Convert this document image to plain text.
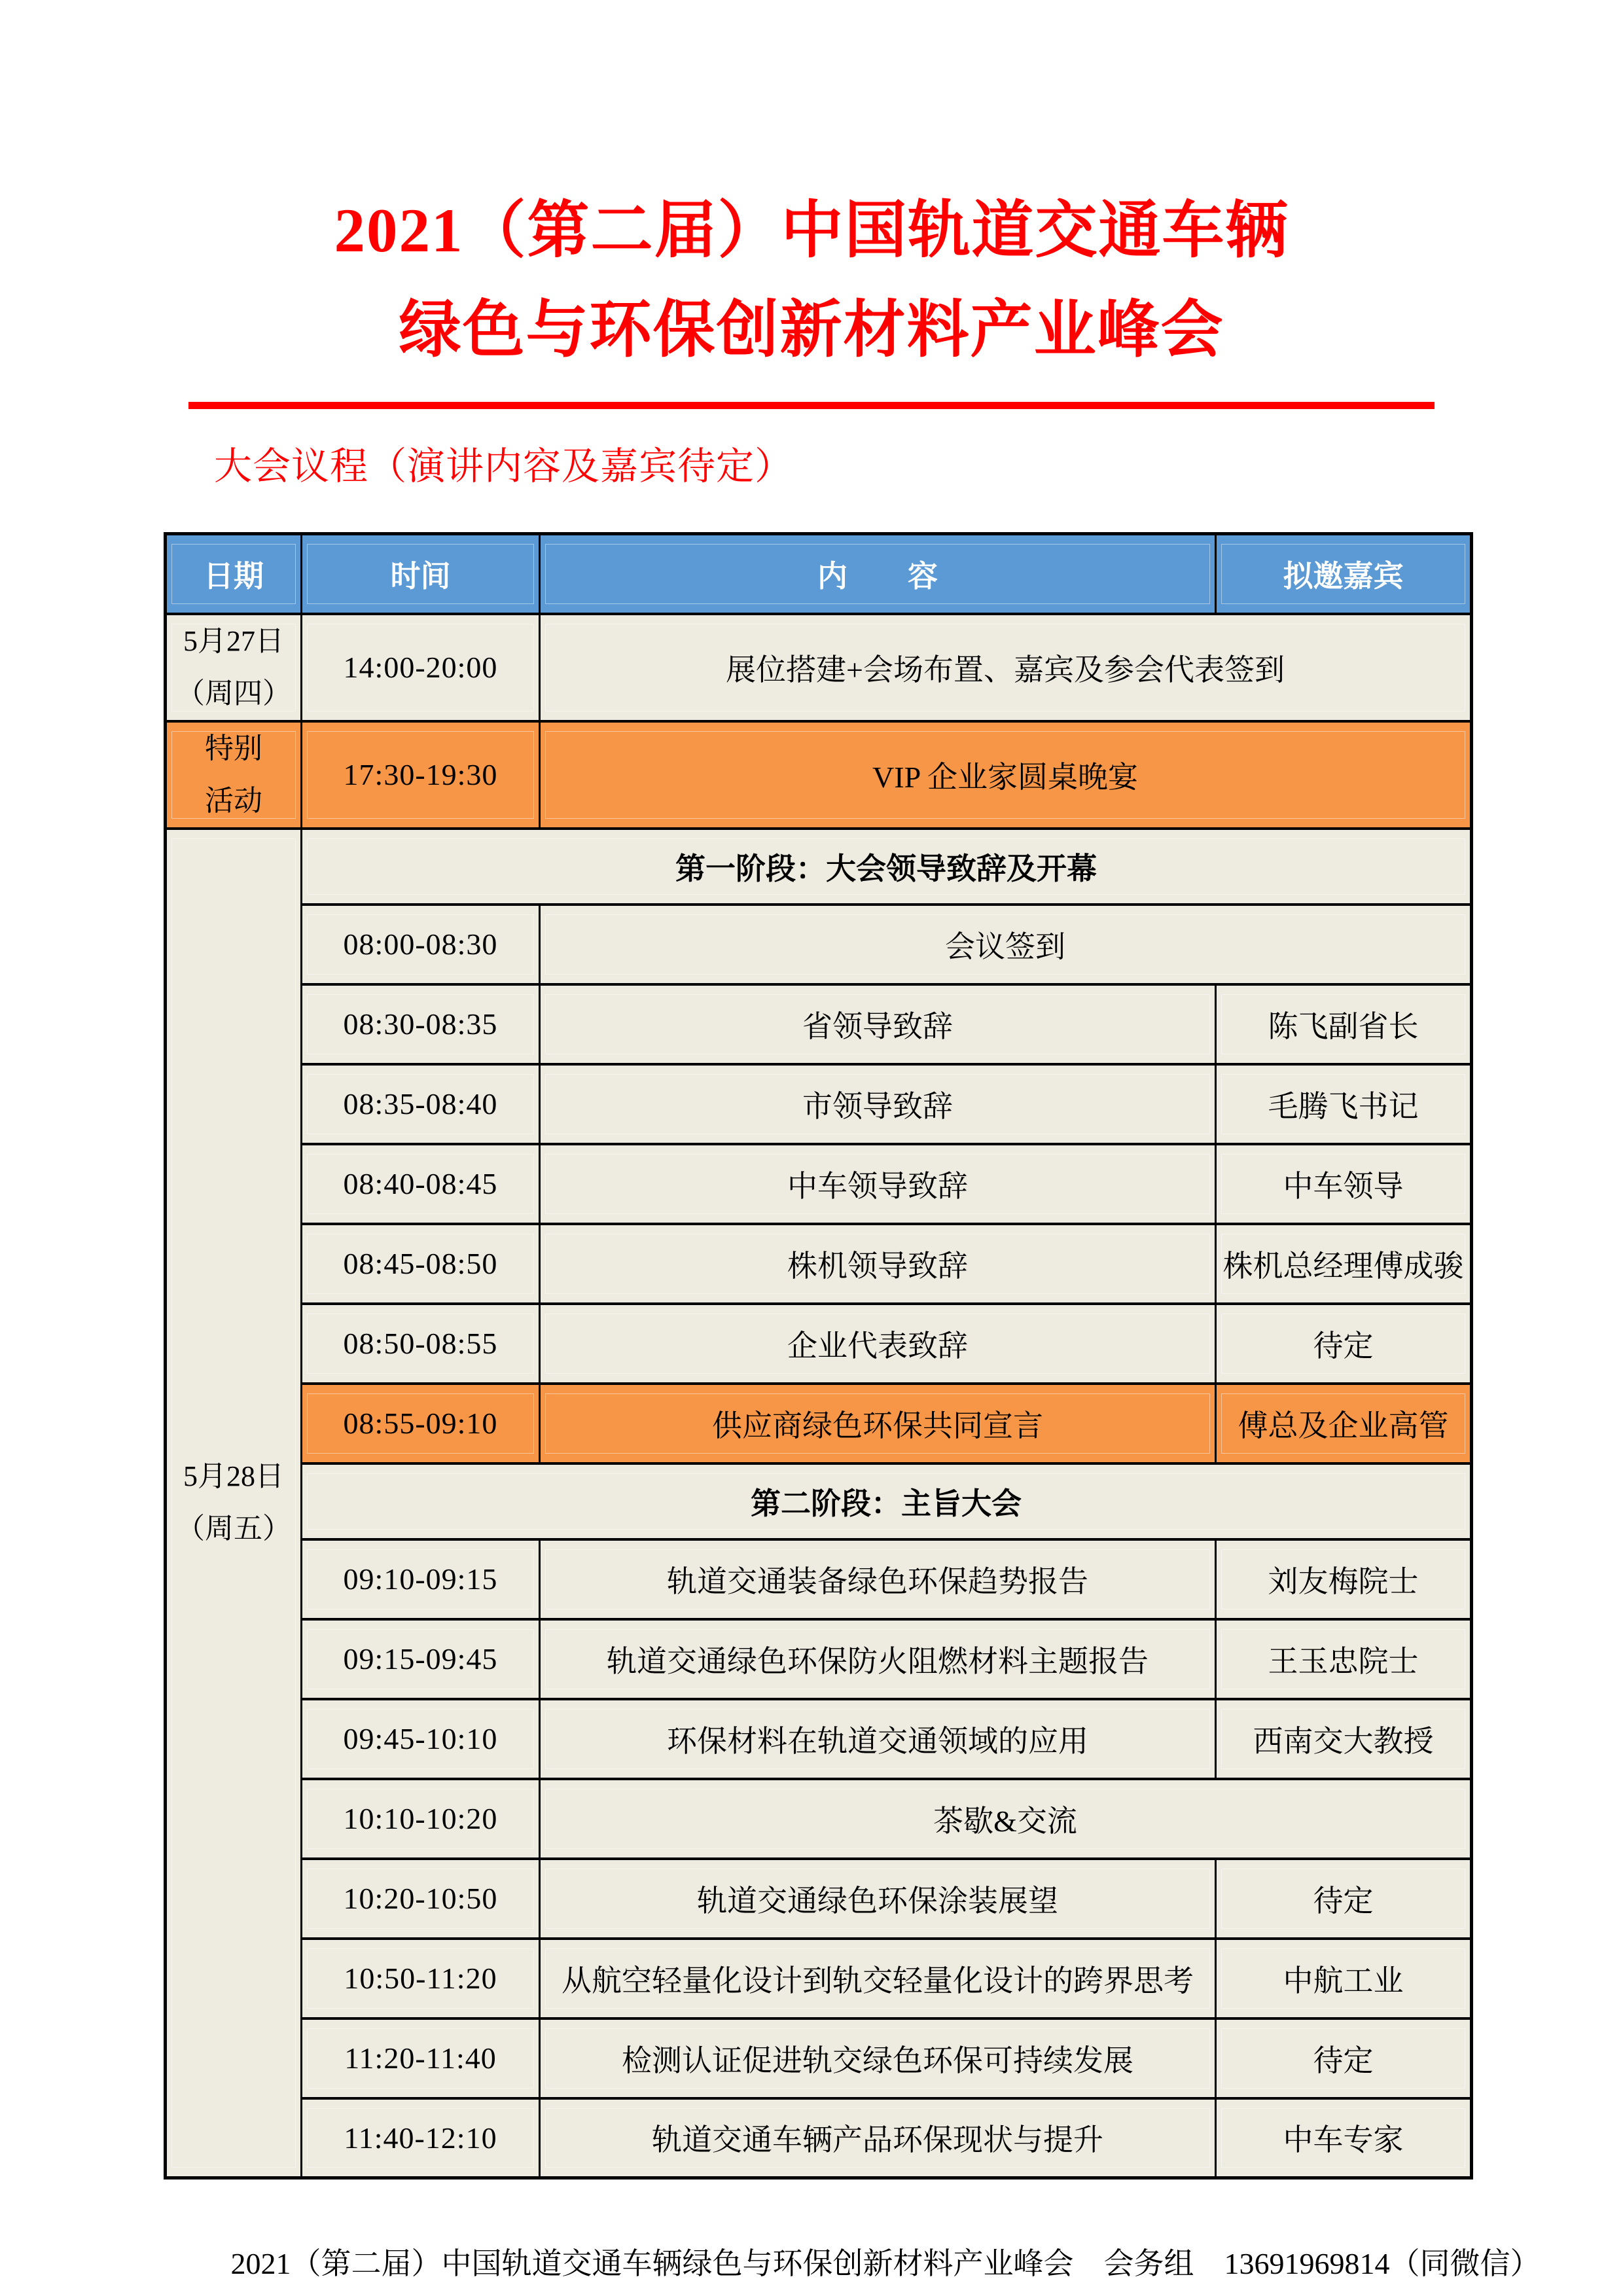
2021（第二届）中国轨道交通车辆
绿色与环保创新材料产业峰会
大会议程（演讲内容及嘉宾待定）
日期	时间	内　　容	拟邀嘉宾

5月27日
（周四）	14:00-20:00	展位搭建+会场布置、嘉宾及参会代表签到	

特别
活动	17:30-19:30	VIP 企业家圆桌晚宴	

5月28日
（周五）	第一阶段：大会领导致辞及开幕		
	08:00-08:30	会议签到	
	08:30-08:35	省领导致辞	陈飞副省长
	08:35-08:40	市领导致辞	毛腾飞书记
	08:40-08:45	中车领导致辞	中车领导
	08:45-08:50	株机领导致辞	株机总经理傅成骏
	08:50-08:55	企业代表致辞	待定
	08:55-09:10	供应商绿色环保共同宣言	傅总及企业高管
	第二阶段：主旨大会		
	09:10-09:15	轨道交通装备绿色环保趋势报告	刘友梅院士
	09:15-09:45	轨道交通绿色环保防火阻燃材料主题报告	王玉忠院士
	09:45-10:10	环保材料在轨道交通领域的应用	西南交大教授
	10:10-10:20	茶歇&交流	
	10:20-10:50	轨道交通绿色环保涂装展望	待定
	10:50-11:20	从航空轻量化设计到轨交轻量化设计的跨界思考	中航工业
	11:20-11:40	检测认证促进轨交绿色环保可持续发展	待定
	11:40-12:10	轨道交通车辆产品环保现状与提升	中车专家
2021（第二届）中国轨道交通车辆绿色与环保创新材料产业峰会　会务组　13691969814（同微信）
